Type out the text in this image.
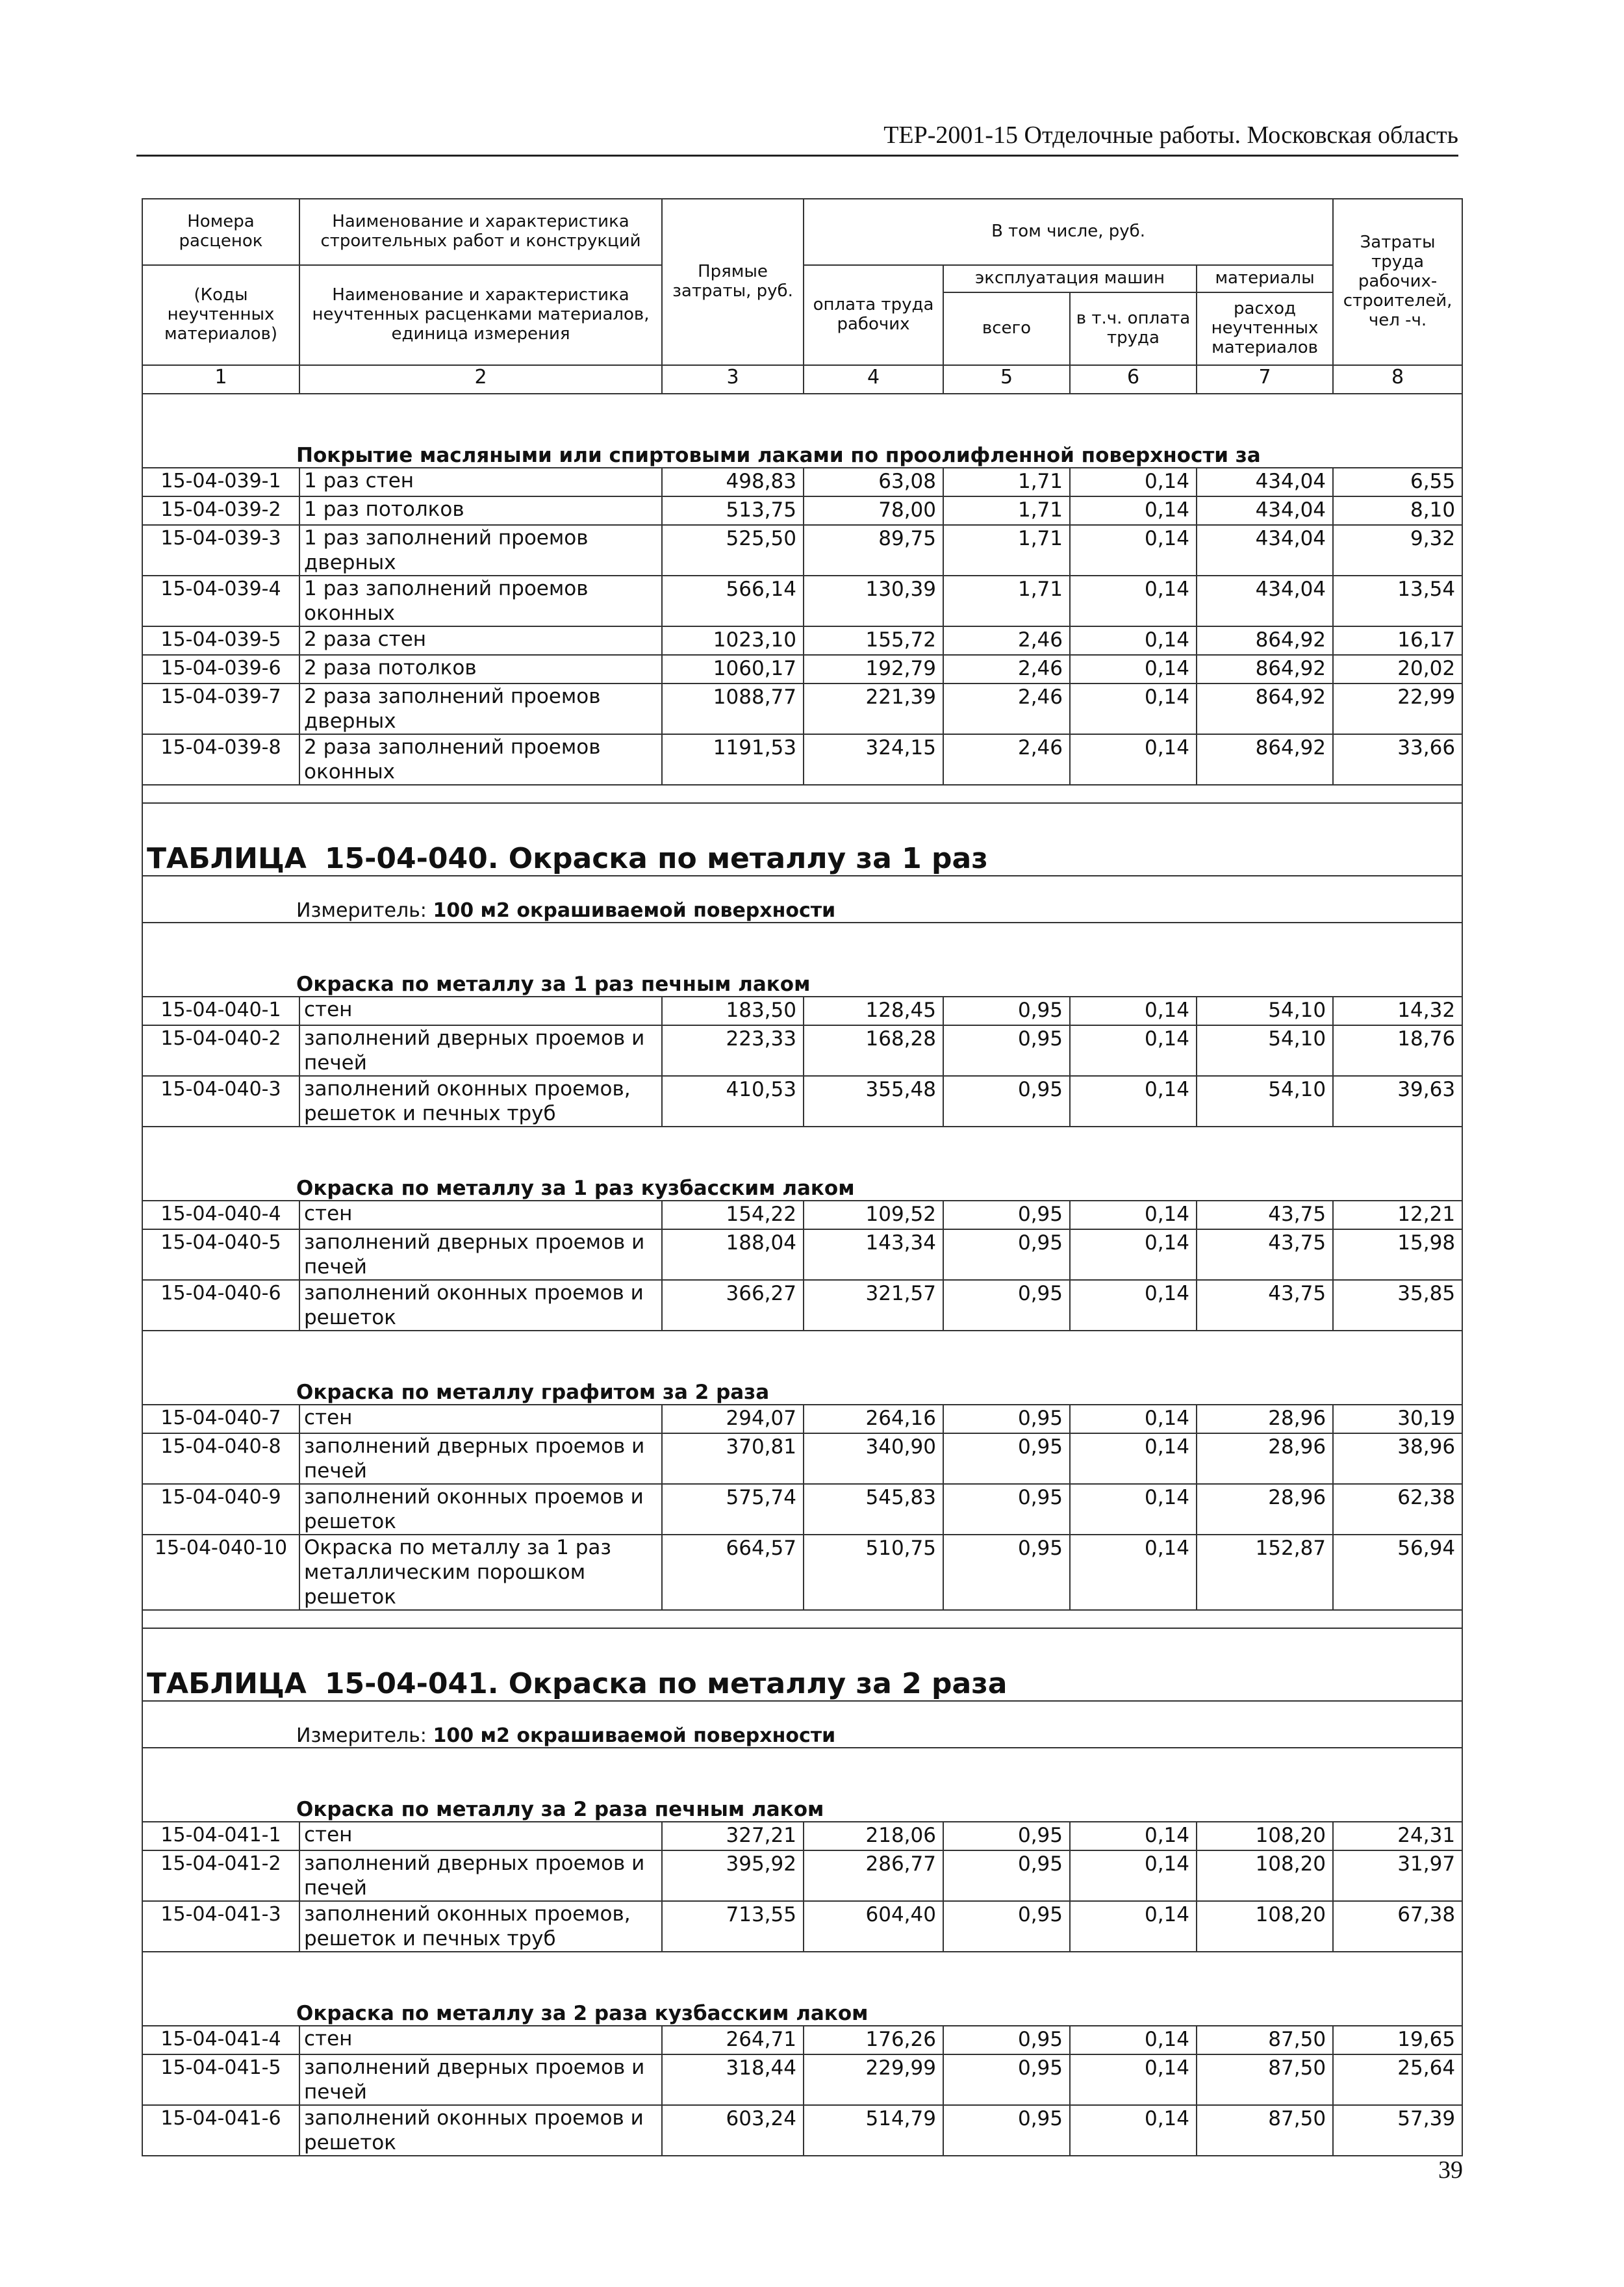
ТЕР-2001-15 Отделочные работы. Московская область
Номера расценок	Наименование и характеристика строительных работ и конструкций	Прямые затраты, руб.	В том числе, руб.				Затраты труда рабочих-строителей, чел -ч.
(Коды неучтенных материалов)	Наименование и характеристика неучтенных расценками материалов, единица измерения		оплата труда рабочих	эксплуатация машин		материалы	
				всего	в т.ч. оплата труда	расход неучтенных материалов	
1	2	3	4	5	6	7	8
Покрытие масляными или спиртовыми лаками по проолифленной поверхности за							
15-04-039-1	1 раз стен	498,83	63,08	1,71	0,14	434,04	6,55
15-04-039-2	1 раз потолков	513,75	78,00	1,71	0,14	434,04	8,10
15-04-039-3	1 раз заполнений проемов дверных	525,50	89,75	1,71	0,14	434,04	9,32
15-04-039-4	1 раз заполнений проемов оконных	566,14	130,39	1,71	0,14	434,04	13,54
15-04-039-5	2 раза стен	1023,10	155,72	2,46	0,14	864,92	16,17
15-04-039-6	2 раза потолков	1060,17	192,79	2,46	0,14	864,92	20,02
15-04-039-7	2 раза заполнений проемов дверных	1088,77	221,39	2,46	0,14	864,92	22,99
15-04-039-8	2 раза заполнений проемов оконных	1191,53	324,15	2,46	0,14	864,92	33,66

ТАБЛИЦА 15-04-040. Окраска по металлу за 1 раз							
Измеритель: 100 м2 окрашиваемой поверхности							
Окраска по металлу за 1 раз печным лаком							
15-04-040-1	стен	183,50	128,45	0,95	0,14	54,10	14,32
15-04-040-2	заполнений дверных проемов и печей	223,33	168,28	0,95	0,14	54,10	18,76
15-04-040-3	заполнений оконных проемов, решеток и печных труб	410,53	355,48	0,95	0,14	54,10	39,63
Окраска по металлу за 1 раз кузбасским лаком							
15-04-040-4	стен	154,22	109,52	0,95	0,14	43,75	12,21
15-04-040-5	заполнений дверных проемов и печей	188,04	143,34	0,95	0,14	43,75	15,98
15-04-040-6	заполнений оконных проемов и решеток	366,27	321,57	0,95	0,14	43,75	35,85
Окраска по металлу графитом за 2 раза							
15-04-040-7	стен	294,07	264,16	0,95	0,14	28,96	30,19
15-04-040-8	заполнений дверных проемов и печей	370,81	340,90	0,95	0,14	28,96	38,96
15-04-040-9	заполнений оконных проемов и решеток	575,74	545,83	0,95	0,14	28,96	62,38
15-04-040-10	Окраска по металлу за 1 раз металлическим порошком решеток	664,57	510,75	0,95	0,14	152,87	56,94

ТАБЛИЦА 15-04-041. Окраска по металлу за 2 раза							
Измеритель: 100 м2 окрашиваемой поверхности							
Окраска по металлу за 2 раза печным лаком							
15-04-041-1	стен	327,21	218,06	0,95	0,14	108,20	24,31
15-04-041-2	заполнений дверных проемов и печей	395,92	286,77	0,95	0,14	108,20	31,97
15-04-041-3	заполнений оконных проемов, решеток и печных труб	713,55	604,40	0,95	0,14	108,20	67,38
Окраска по металлу за 2 раза кузбасским лаком							
15-04-041-4	стен	264,71	176,26	0,95	0,14	87,50	19,65
15-04-041-5	заполнений дверных проемов и печей	318,44	229,99	0,95	0,14	87,50	25,64
15-04-041-6	заполнений оконных проемов и решеток	603,24	514,79	0,95	0,14	87,50	57,39
39
